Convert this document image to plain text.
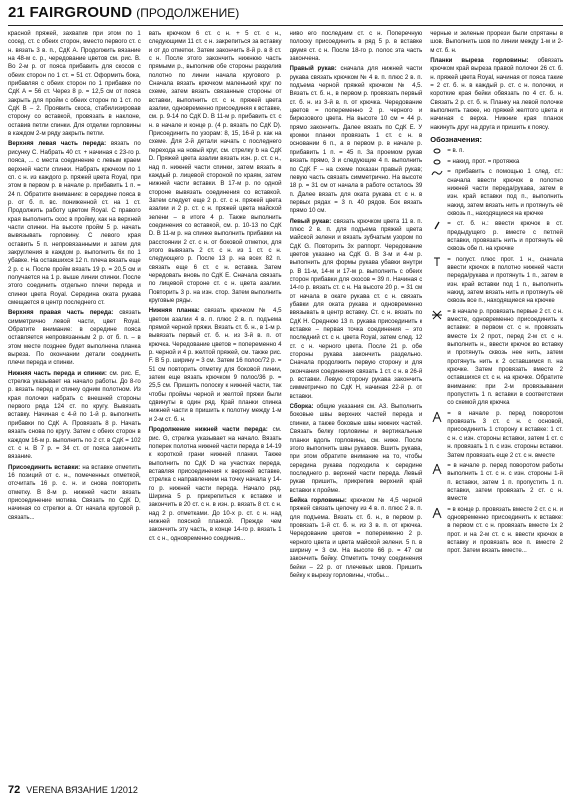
21 FAIRGROUND (ПРОДОЛЖЕНИЕ)

красной пряжей, захватив при этом по 1 сосед. ст. с обеих сторон, вместо первого ст. с н. вязать 3 в. п., СдК А. Продолжить вязание на 48-м с. р., чередование цветов см. рис. В. Во 2-м р. от пояса прибавить для скосов с обеих сторон по 1 ст. = 51 ст. Оформить бока, прибавляя с обеих сторон по 1 прибавке по СдК А = 56 ст. Через 8 р. = 12,5 см от пояса закрыть для пройм с обеих сторон по 1 ст. по СдК В – 2. Проявить скоса, стабилизировав сторону со вставкой, провязать в наклоне, оставив петли спинки. Для отделки горловины в каждом 2-м ряду закрыть петли.

Верхняя левая часть переда: вязать по рисунку С. Набрать 40 ст. + начиная с 23-го р. пояса, ... с места соединение с левым краем верхней части спинки. Набрать крючком по 1 сп. с н. из каждого р. пряжей цвета Royal, при этом в первом р. в начале р. прибавить 1 п. = 24 п. Обратите внимание: в середине пояса в р. от б. п. вс. пониженной ст. на 1 ст. Продолжить работу цветом Royal. С правого края выполнить скос в пройму, как на верхней части спинки. На высоте пройм 5 р. начать вывязывать горловину. С левого края оставить 5 п. непровязанными и затем для закругления в каждом р. выполнить 6х по 1 убавке. На оставшихся 12 п. плеча вязать еще 2 р. с н. После пройм вязать 19 р. = 20,5 см и получается на 1 р. выше линии спинки. После этого соединить отдельно плечи переда и спинки цвета Royal. Середина оката рукава смещается в центр последнего ст.

Верхняя правая часть переда: связать симметрично левой части, цвет Royal. Обратите внимание: в середине пояса оставляется непровязанным 2 р. от б. п. – в этом месте позднее будет выполнена планка выреза. По окончании детали соединить плечи переда и спинки.

Нижняя часть переда и спинки: см. рис. Е, стрелка указывает на начало работы. До 8-го р. вязать перед и спинку одним полотном. Из края полочки набрать с внешней стороны первого ряда 124 ст. по кругу. Вывязать вставку. Начиная с 4-й по 1-й р. выполнить прибавки по СдК А. Провязать 8 р. Начать вязать снова по кругу. Затем с обеих сторон в каждом 16-м р. выполнить по 2 ст. в СдК = 102 ст. с н. В 7 р. = 34 ст. от пояса закончить вязание.

Присоединить вставки: на вставке отметить 16 позиций от с. н., помеченных отметкой, отсчитать 16 р. с. н. и снова повторить отметку. В 8-м р. нижней части вязать присоединение мотива. Связать по СдК D, начиная со стрелки а. От начала круговой р. связать...

вать крючком 6 ст. с н. + 5 ст. с н., следующими 11 ст. с н. закрепиться за вставку и от до отметки. Затем закончить 8-й р. в 8 ст. с н. После этого закончить нижнюю часть прямыми р., выполнив обе стороны разделив полотно по линии начала кругового р. Сначала вязать крючком маленький круг по схеме, затем вязать связанные стороны от вставки, выполнить ст. с н. пряжей цвета азалии, одновременно присоединяя к вставке, см. р. 9-14 по СдК D. В 11-м р. прибавить ст. с н. в начале и конце р. (4 р. вязать по СдК D). Присоединить по узорам: 8, 15, 16-й р. как на схеме. Для 2-й детали начать с последнего перехода на новый круг, см. стрелку b на СдК D. Пряжей цвета азалии вязать изн. р. ст. с н., над п. нижней части спинки, затем вязать в каждый р. лицевой стороной по краям, затем нижней части вставки. В 17-м р. по одной стороне вывязать соединения со вставкой. Затем следует еще 2 р. ст. с н. пряжей цвета азалии и 2 р. ст. с н. пряжей цвета майской зелени – в итоге 4 р. Также выполнить соединения со вставкой, см. р. 10-13 по СдК D. В 11-м р. на спинке выполнить прибавки на расстоянии 2 ст. с н. от боковой отметки, для этого вывязать 2 ст. с н. из 1 ст. с н. следующего р. После 13 р. на всех 82 п. связать еще 6 ст. с н. вставка. Затем чередовать вновь по СдК Е. Сначала связать по лицевой стороне ст. с н. цвета азалии. Повторить 3 р. на изн. стор. Затем выполнить круговые ряды.

Нижняя планка: связать крючком № 4,5 цветом азалии 4 в. п. плюс 2 в. п. подъема прямой черной пряжи. Вязать ст. б. н., в 1-м р. вывязать первый ст. б. н. из 3-й в. п. от крючка. Чередование цветов = попеременно 4 р. черной и 4 р. желтой пряжей, см. также рис. F. В 5 р. ширину = 3 см. Затем 16 полос/72 р. = 51 см повторить отметку для боковой линии, затем еще вязать крючком 9 полос/36 р. = 25,5 см. Пришить полоску к нижней части, так чтобы проймы черной и желтой пряжи были сдвинуты в один ряд. Край планки спинка нижней части в пришить к полотну между 1-м и 2-м ст. б. н.

Продолжение нижней части переда: см. рис. G, стрелка указывает на начало. Вязать поперек полотна нижней части переда в 14-19 к короткой грани нижней планки. Также выполнить по СдК D на участках переда, вставляя присоединения к верхней вставке, стрелка с направлением на точку начала у 14-го р. нижней части переда. Начало ряд. Ширина 5 р. прикрепиться к вставке и закончить в 20 ст. с н. в изн. р. вязать 8 ст. с н. над 2 р. отметками. До 10-х р. ст. с н. над нижней поясной планкой. Прежде чем закончить эту часть, в конце 14-го р. вязать 1 ст. с н., одновременно соединив...

ниво его последним ст. с н. Поперечную полоску присоединить в ряд 5 р. в вставке двумя ст. с н. После 18-го р. полос эта часть закончена.

Правый рукав: сначала для нижней части рукава связать крючком № 4 в. п. плюс 2 в. п. подъема черной пряжей крючком № 4,5. Вязать ст. б. н., в первом р. провязать первый ст. б. н. из 3-й в. п. от крючка. Чередование цветов = попеременно 2 р. черного и бирюзового цвета. На высоте 10 см = 44 р. прямо закончить. Далее вязать по СдК Е. У кромки планки провязать 1 ст. с н. в основании 6 п., а в первом р. в начале р. прибавить 1 п. = 45 п. За проемом рукав вязать прямо, 3 и следующие 4 п. выполнить по СдК F – на схеме показан правый рукав; левую часть связать симметрично. На высоте 18 р. = 31 см от начала в работе осталось 39 п. Далее вязать для оката рукава ст. с н. в первых рядах = 3 п. 40 рядов. Бок вязать прямо 10 см.

Левый рукав: связать крючком цвета 11 в. п. плюс 2 в. п. для подъема пряжей цвета майской зелени и вязать зубчатым узором по СдК G. Повторить 3х раппорт. Чередование цветов указано на СдК G. В 3-м и 4-м р. выполнить для формы рукава убавки внутри р. В 11-м, 14-м и 17-м р. выполнить с обеих сторон прибавки для скосов = 39 п. Начиная с 14-го р. вязать ст. с н. На высоте 20 р. = 31 см от начала в окате рукава ст. с н. связать убавки для оката рукава и одновременно ввязывать в центр вставку. Ст. с н. вязать по СдК Н. Среднюю 13 п. рукава присоединить к вставке – первая точка соединения – это последний ст. с н. цвета Royal, затем след. 12 ст. с н. черного цвета. После 21 р. обе стороны рукава закончить раздельно. Сначала продолжить первую сторону и для окончания соединения связать 1 ст. с н. в 26-й р. вставки. Левую сторону рукава закончить симметрично по СдК Н, начиная 22-й р. от вставки.

Сборка: общие указания см. А3. Выполнить боковые швы верхних частей переда и спинки, а также боковые швы нижних частей. Связать белку горловины и вертикальные планки вдоль горловины, см. ниже. После этого выполнить швы рукавов. Вшить рукава, при этом обратите внимание на то, чтобы середина рукава подходила к середине последнего р. верхней части переда. Левый рукав пришить, прикрепив верхний край вставки к пройме.

Бейка горловины: крючком № 4,5 черной пряжей связать цепочку из 4 в. п. плюс 2 в. п. для подъема. Вязать ст. б. н., в первом р. провязать 1-й ст. б. н. из 3 в. п. от крючка. Чередование цветов = попеременно 2 р. черного цвета и цвета майской зелени. 5 п. в ширину = 3 см. На высоте 66 р. = 47 см закончить бейку. Отметить точку соединения бейки – 22 р. от плечевых швов. Пришить бейку к вырезу горловины, чтобы...

черные и зеленые прорези были спрятаны в шов. Выполнить шов по линии между 1-м и 2-м ст. б. н.

Планки выреза горловины: обвязать крючком край выреза правой полочки 26 ст. б. н. пряжей цвета Royal, начиная от пояса такие = 2 ст. б. н. в каждый р. ст. с н. полочки, и короткие края бейки обвязать по 4 ст. б. н. Связать 2 р. ст. б. н. Планку на левой полочке выполнить также, но пряжей желтого цвета и начиная с верха. Нижние края планок накинуть друг на друга и пришить к поясу.

Обозначения:
= в. п.
= накид, прот. = протяжка
= прибавить с помощью 1 след. ст.: сначала ввести крючок в полотно нижней части переда/рукава, затем в изн. край вставки под п., выполнить накид, затем вязать нить и протянуть её сквозь п., находящиеся на крючке
= ст. б. н.: ввести крючок в ст. предыдущего р. вместе с петлей вставки, провязать нить и протянуть её сквозь обе п. на крючке
= полуст. плюс прот. 1 н., сначала ввести крючок в полотно нижней части переда/рукава и протянуть 1 п., затем в изн. край вставки под 1 п., выполнить накид, затем вязать нить и протянуть её сквозь все п., находящиеся на крючке
= в начале р. провязать первые 2 ст. с н. вместе, одновременно присоединить к вставке: в первом ст. с н. провязать вместе 1х 2 прот., перед 2-м ст. с н. выполнить н., ввести крючок во вставку и протянуть сквозь нее нить, затем протянуть нить к 2 оставшимся п. на крючке. Затем провязать вместе 2 оставшихся ст. с н. на крючке. Обратите внимание: при 2-м провязывании пропустить 1 п. вставки в соответствии со схемой для крючка
= в начале р. перед поворотом провязать 3 ст. с н. с основой, присоединить 1 сторону к вставке: 1 ст. с н. с изн. стороны вставки, затем 1 ст. с н. провязать 1 п. с изн. стороны вставки. Затем провязать еще 2 ст. с н. вместе
= в начале р. перед поворотом работы выполнить 1 ст. с н. с изн. стороны 1-й п. вставки, затем 1 п. пропустить 1 п. вставки, затем провязать 2 ст. с н. вместе
= в конце р. провязать вместе 2 ст. с н. и одновременно присоединить к вставке: в первом ст. с н. провязать вместе 1х 2 прот. и на 2-м ст. с н. ввести крючок в вставку и провязать все п. вместе 2 прот. Затем вязать вместе...
72 VERENA ВЯЗАНИЕ 1/2012
